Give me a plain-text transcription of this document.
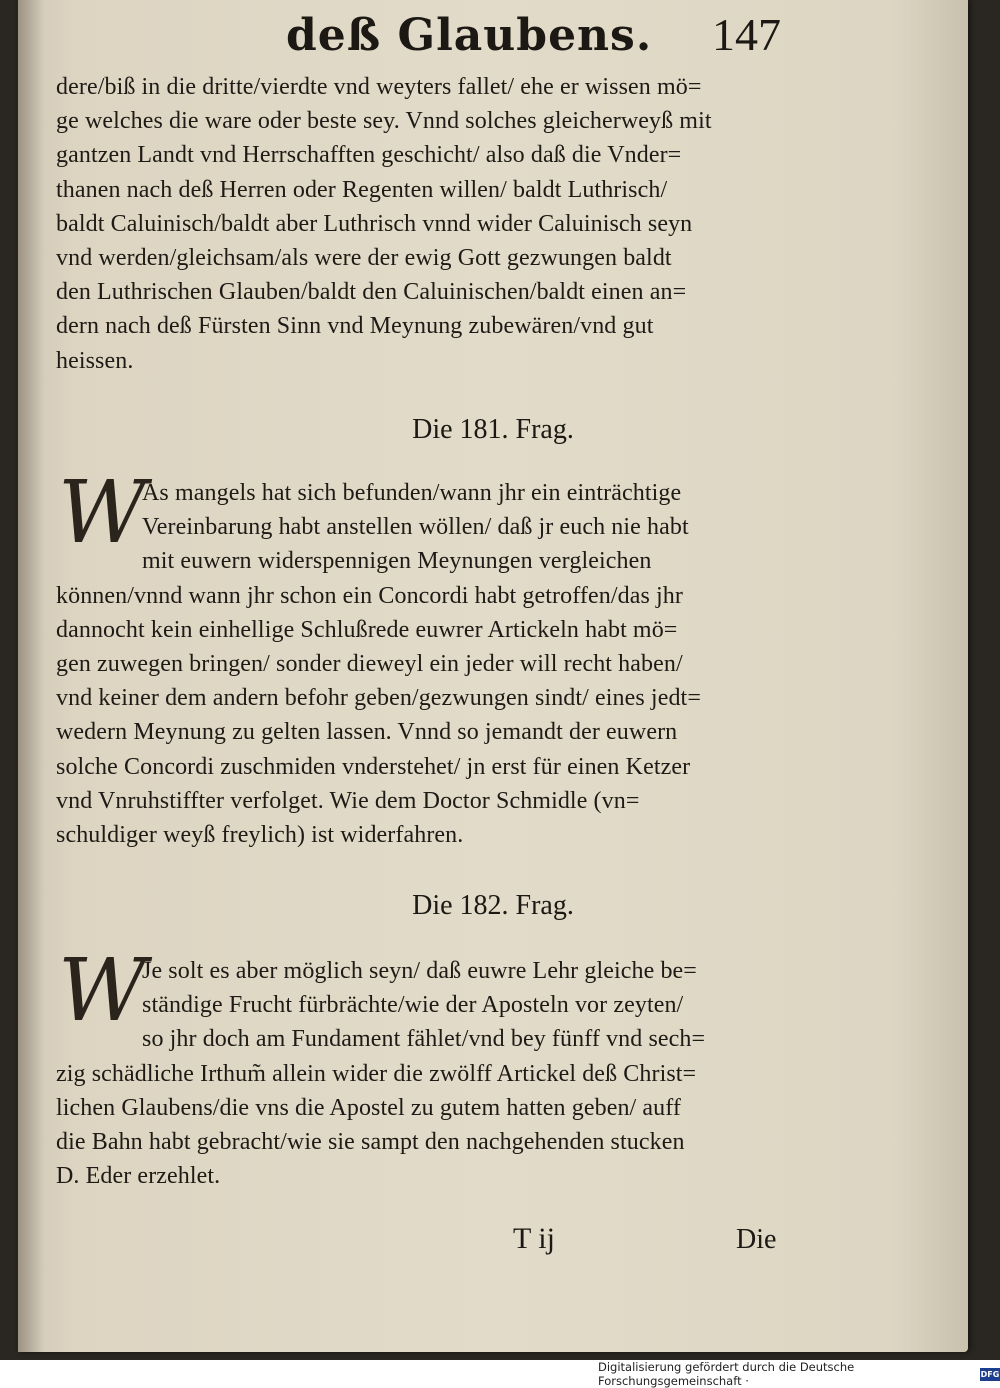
deß Glaubens. 147
dere/biß in die dritte/vierdte vnd weyters fallet/ ehe er wissen mö=
ge welches die ware oder beste sey. Vnnd solches gleicherweyß mit
gantzen Landt vnd Herrschafften geschicht/ also daß die Vnder=
thanen nach deß Herren oder Regenten willen/ baldt Luthrisch/
baldt Caluinisch/baldt aber Luthrisch vnnd wider Caluinisch seyn
vnd werden/gleichsam/als were der ewig Gott gezwungen baldt
den Luthrischen Glauben/baldt den Caluinischen/baldt einen an=
dern nach deß Fürsten Sinn vnd Meynung zubewären/vnd gut
heissen.
Die 181. Frag.
W
As mangels hat sich befunden/wann jhr ein einträchtige
Vereinbarung habt anstellen wöllen/ daß jr euch nie habt
mit euwern widerspennigen Meynungen vergleichen
können/vnnd wann jhr schon ein Concordi habt getroffen/das jhr
dannocht kein einhellige Schlußrede euwrer Artickeln habt mö=
gen zuwegen bringen/ sonder dieweyl ein jeder will recht haben/
vnd keiner dem andern befohr geben/gezwungen sindt/ eines jedt=
wedern Meynung zu gelten lassen. Vnnd so jemandt der euwern
solche Concordi zuschmiden vnderstehet/ jn erst für einen Ketzer
vnd Vnruhstiffter verfolget. Wie dem Doctor Schmidle (vn=
schuldiger weyß freylich) ist widerfahren.
Die 182. Frag.
W
Je solt es aber möglich seyn/ daß euwre Lehr gleiche be=
ständige Frucht fürbrächte/wie der Aposteln vor zeyten/
so jhr doch am Fundament fählet/vnd bey fünff vnd sech=
zig schädliche Irthum̃ allein wider die zwölff Artickel deß Christ=
lichen Glaubens/die vns die Apostel zu gutem hatten geben/ auff
die Bahn habt gebracht/wie sie sampt den nachgehenden stucken
D. Eder erzehlet.
T ij	Die
Digitalisierung gefördert durch die Deutsche Forschungsgemeinschaft ·	DFG
